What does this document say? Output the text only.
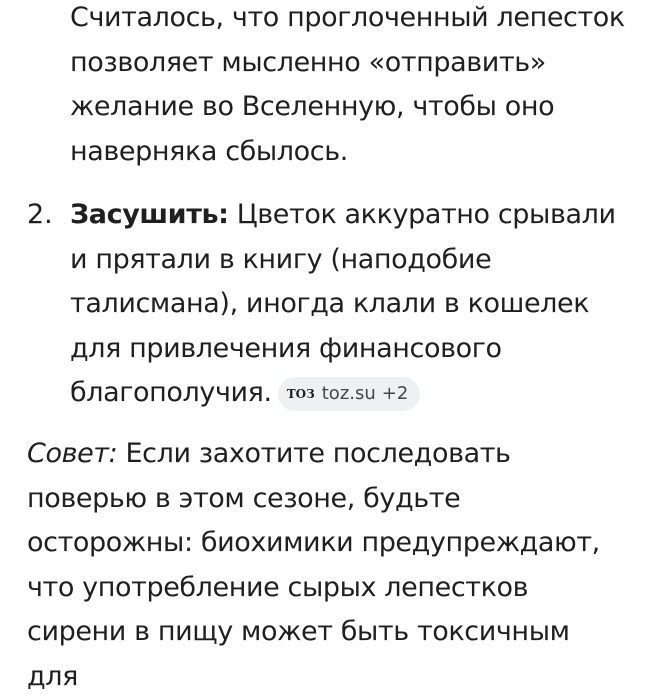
Считалось, что проглоченный лепесток позволяет мысленно «отправить» желание во Вселенную, чтобы оно наверняка сбылось.

2. Засушить: Цветок аккуратно срывали и прятали в книгу (наподобие талисмана), иногда клали в кошелек для привлечения финансового благополучия. ТОЗ toz.su +2

Совет: Если захотите последовать поверью в этом сезоне, будьте осторожны: биохимики предупреждают, что употребление сырых лепестков сирени в пищу может быть токсичным для
